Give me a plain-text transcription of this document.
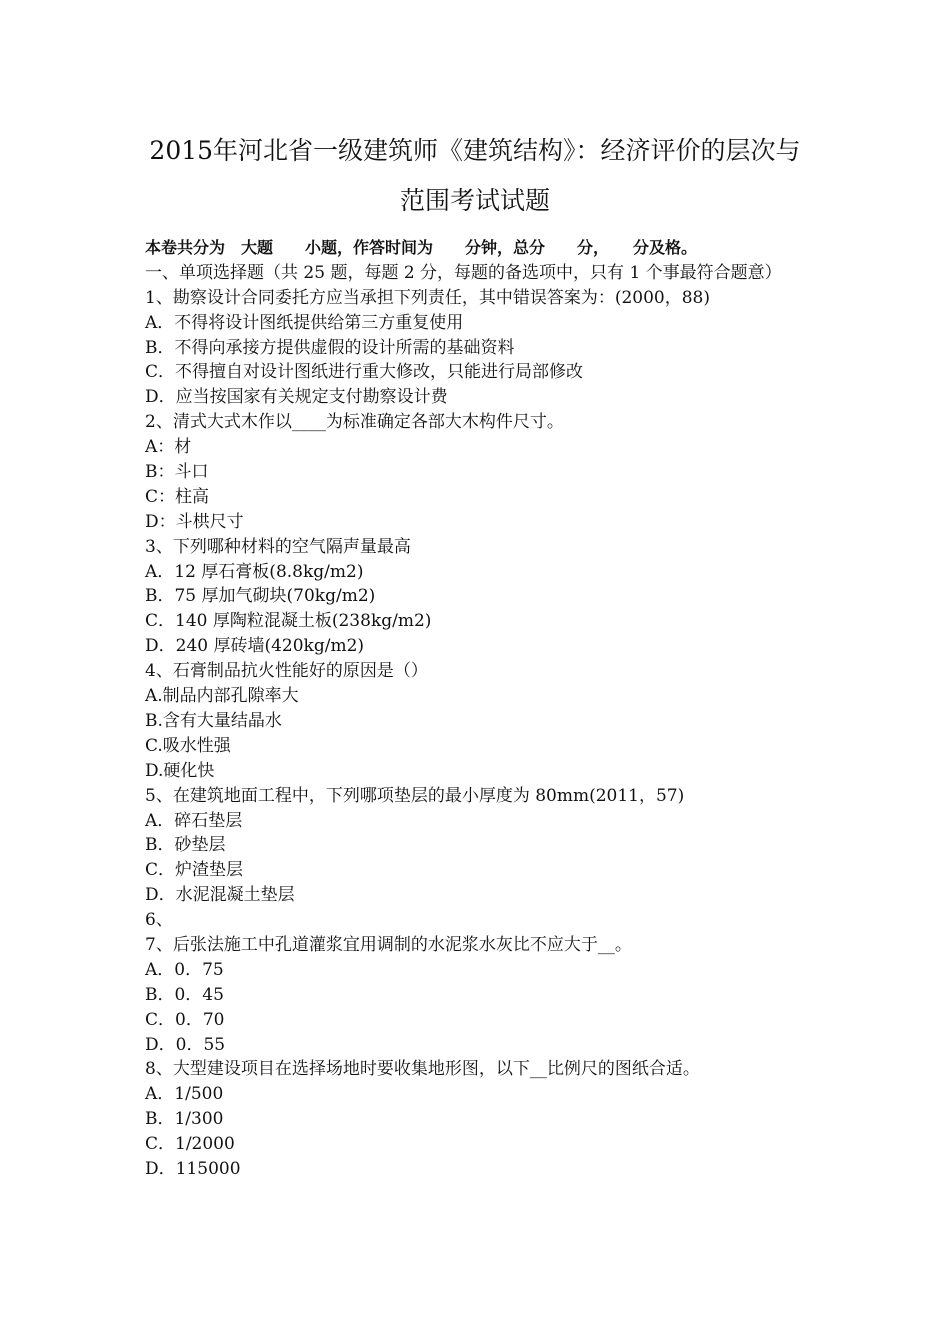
2015年河北省一级建筑师《建筑结构》：经济评价的层次与
范围考试试题
本卷共分为　大题　　小题，作答时间为　　分钟，总分　　分，　　分及格。
一、单项选择题（共 25 题，每题 2 分，每题的备选项中，只有 1 个事最符合题意）
1、勘察设计合同委托方应当承担下列责任，其中错误答案为：(2000，88)
A．不得将设计图纸提供给第三方重复使用
B．不得向承接方提供虚假的设计所需的基础资料
C．不得擅自对设计图纸进行重大修改，只能进行局部修改
D．应当按国家有关规定支付勘察设计费
2、清式大式木作以____为标准确定各部大木构件尺寸。
A：材
B：斗口
C：柱高
D：斗栱尺寸
3、下列哪种材料的空气隔声量最高
A．12 厚石膏板(8.8kg/m2)
B．75 厚加气砌块(70kg/m2)
C．140 厚陶粒混凝土板(238kg/m2)
D．240 厚砖墙(420kg/m2)
4、石膏制品抗火性能好的原因是（）
A.制品内部孔隙率大
B.含有大量结晶水
C.吸水性强
D.硬化快
5、在建筑地面工程中，下列哪项垫层的最小厚度为 80mm(2011，57)
A．碎石垫层
B．砂垫层
C．炉渣垫层
D．水泥混凝土垫层
6、
7、后张法施工中孔道灌浆宜用调制的水泥浆水灰比不应大于__。
A．0．75
B．0．45
C．0．70
D．0．55
8、大型建设项目在选择场地时要收集地形图，以下__比例尺的图纸合适。
A．1/500
B．1/300
C．1/2000
D．115000
